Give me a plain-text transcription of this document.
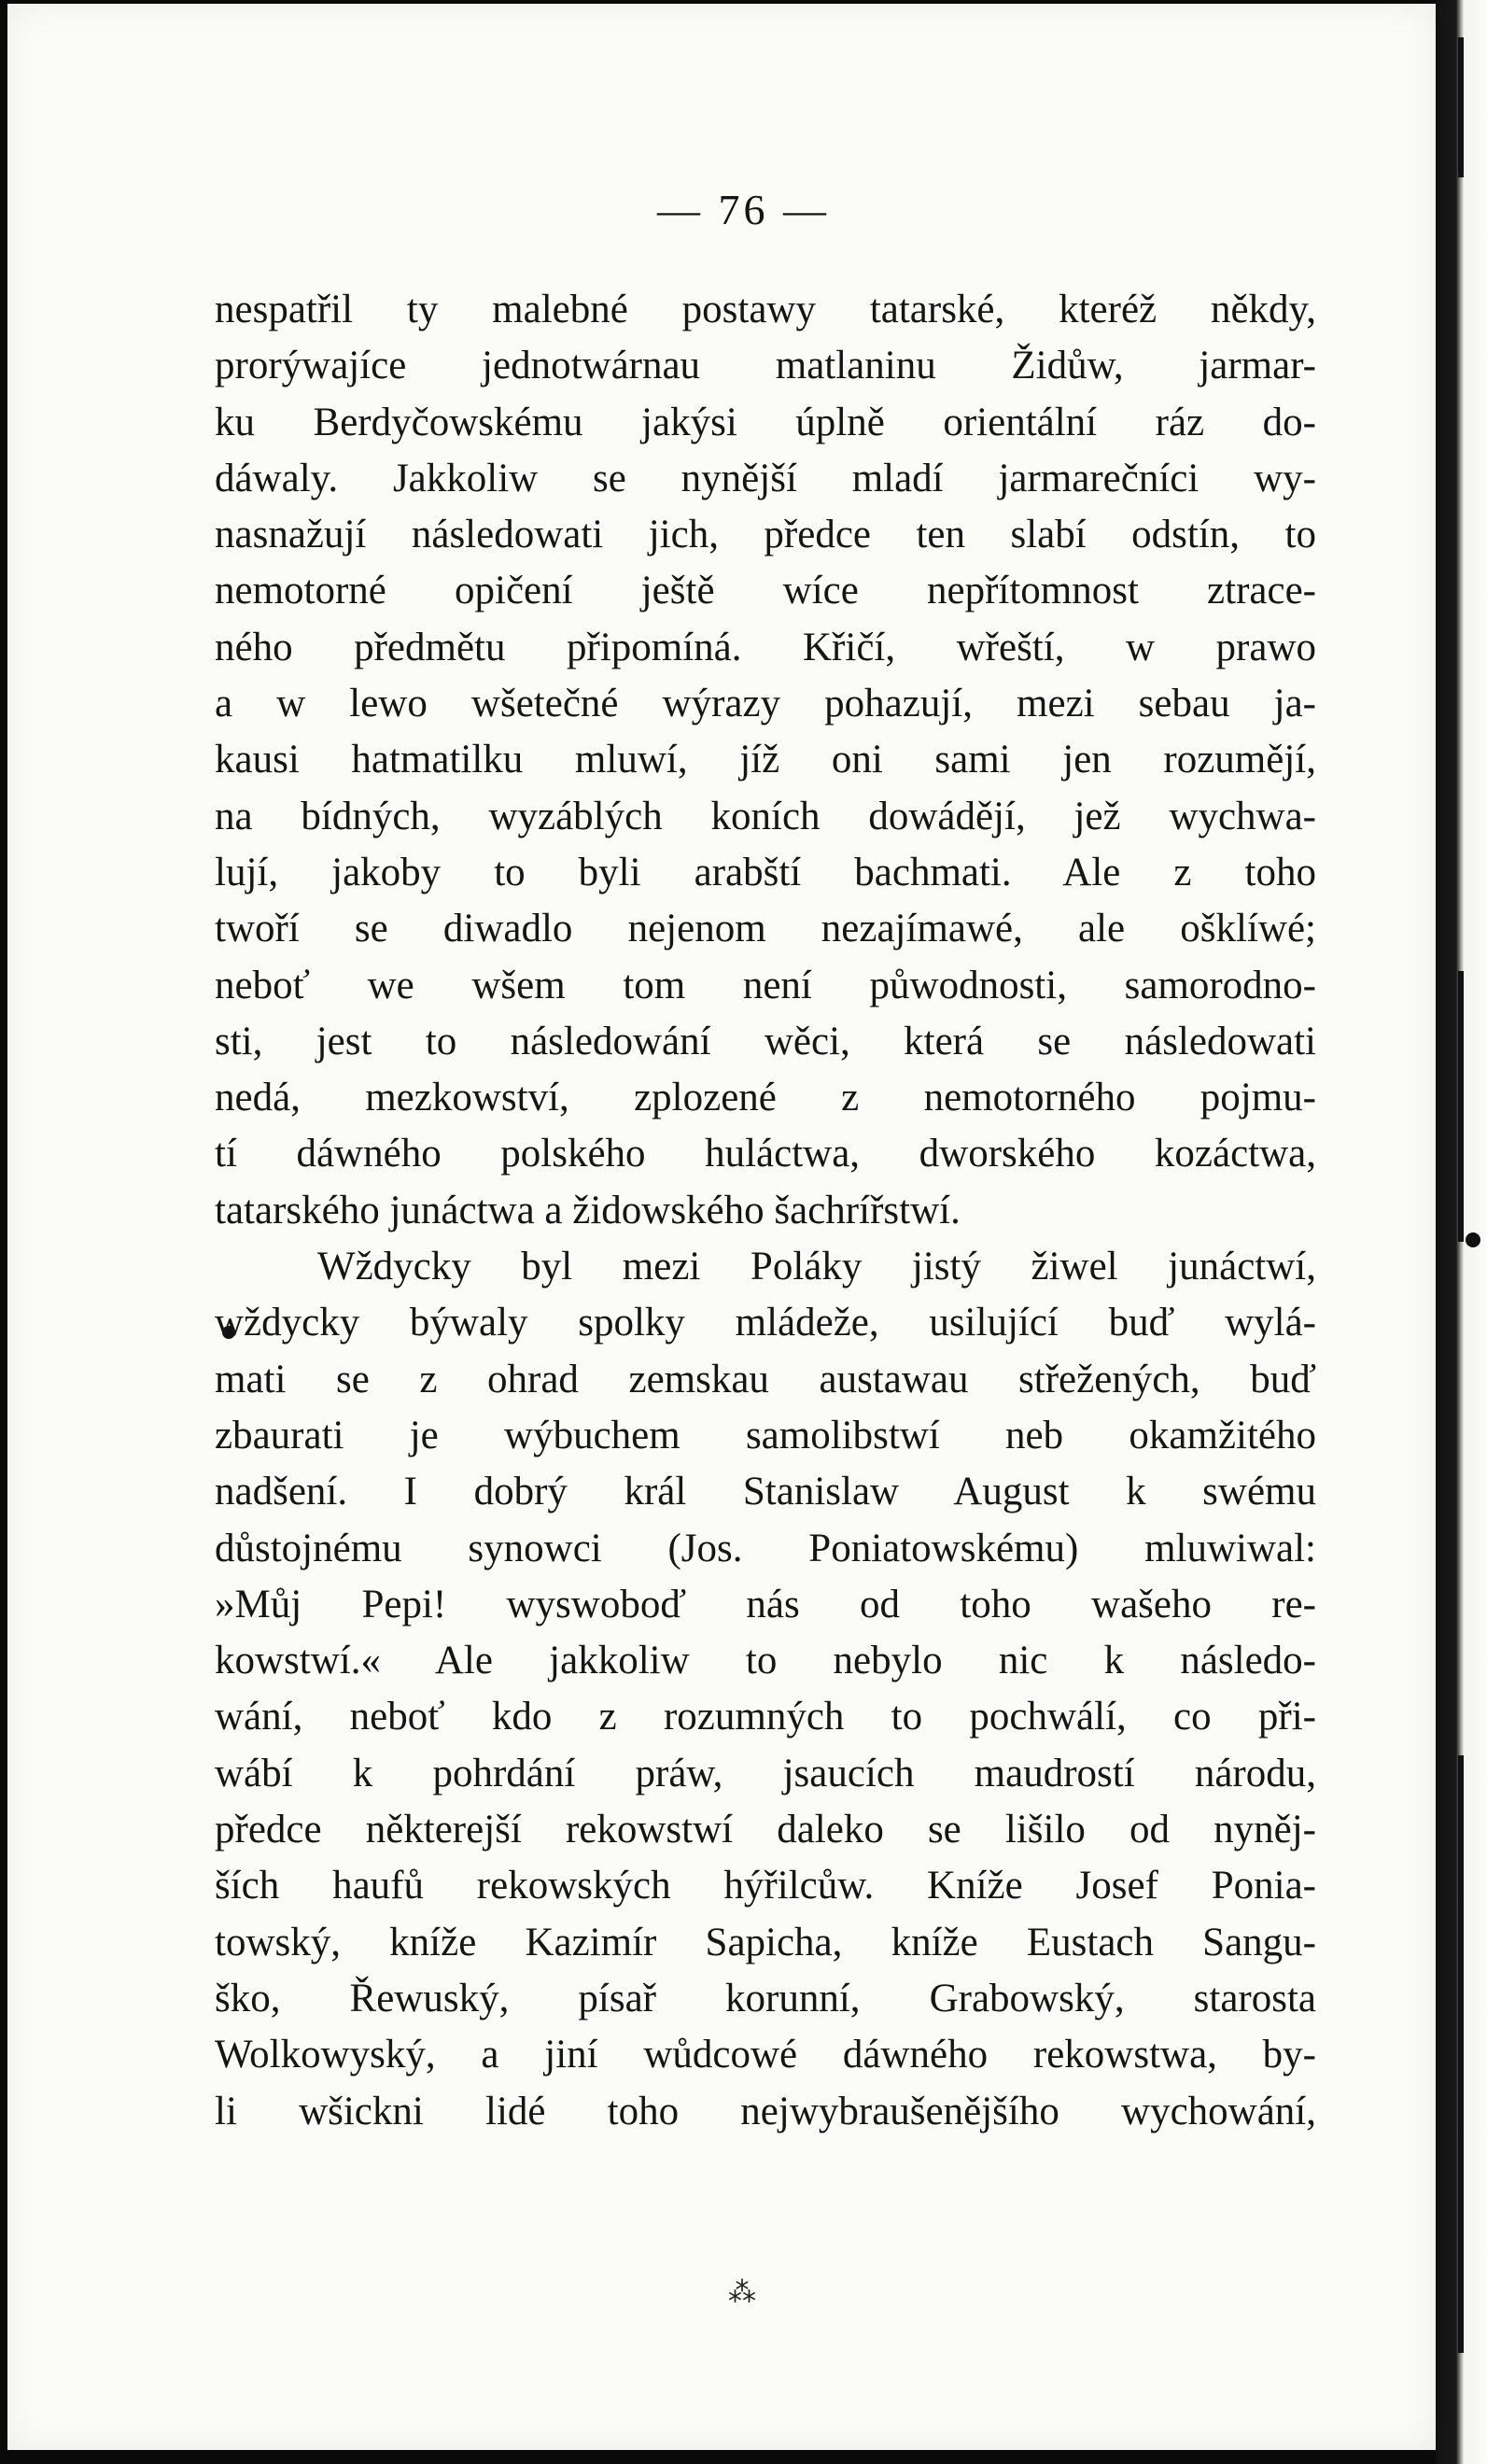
— 76 —
nespatřil ty malebné postawy tatarské, kteréž někdy,
prorýwajíce jednotwárnau matlaninu Židůw, jarmar-
ku Berdyčowskému jakýsi úplně orientální ráz do-
dáwaly. Jakkoliw se nynější mladí jarmarečníci wy-
nasnažují následowati jich, předce ten slabí odstín, to
nemotorné opičení ještě wíce nepřítomnost ztrace-
ného předmětu připomíná. Křičí, wřeští, w prawo
a w lewo wšetečné wýrazy pohazují, mezi sebau ja-
kausi hatmatilku mluwí, jíž oni sami jen rozumějí,
na bídných, wyzáblých koních dowádějí, jež wychwa-
lují, jakoby to byli arabští bachmati. Ale z toho
twoří se diwadlo nejenom nezajímawé, ale ošklíwé;
neboť we wšem tom není půwodnosti, samorodno-
sti, jest to následowání wěci, která se následowati
nedá, mezkowství, zplozené z nemotorného pojmu-
tí dáwného polského huláctwa, dworského kozáctwa,
tatarského junáctwa a židowského šachrířstwí.
Wždycky byl mezi Poláky jistý žiwel junáctwí,
wždycky býwaly spolky mládeže, usilující buď wylá-
mati se z ohrad zemskau austawau střežených, buď
zbaurati je wýbuchem samolibstwí neb okamžitého
nadšení. I dobrý král Stanislaw August k swému
důstojnému synowci (Jos. Poniatowskému) mluwiwal:
»Můj Pepi! wyswoboď nás od toho wašeho re-
kowstwí.« Ale jakkoliw to nebylo nic k následo-
wání, neboť kdo z rozumných to pochwálí, co při-
wábí k pohrdání práw, jsaucích maudrostí národu,
předce některejší rekowstwí daleko se lišilo od nyněj-
ších haufů rekowských hýřilcůw. Kníže Josef Ponia-
towský, kníže Kazimír Sapicha, kníže Eustach Sangu-
ško, Řewuský, písař korunní, Grabowský, starosta
Wolkowyský, a jiní wůdcowé dáwného rekowstwa, by-
li wšickni lidé toho nejwybraušenějšího wychowání,
⁂
